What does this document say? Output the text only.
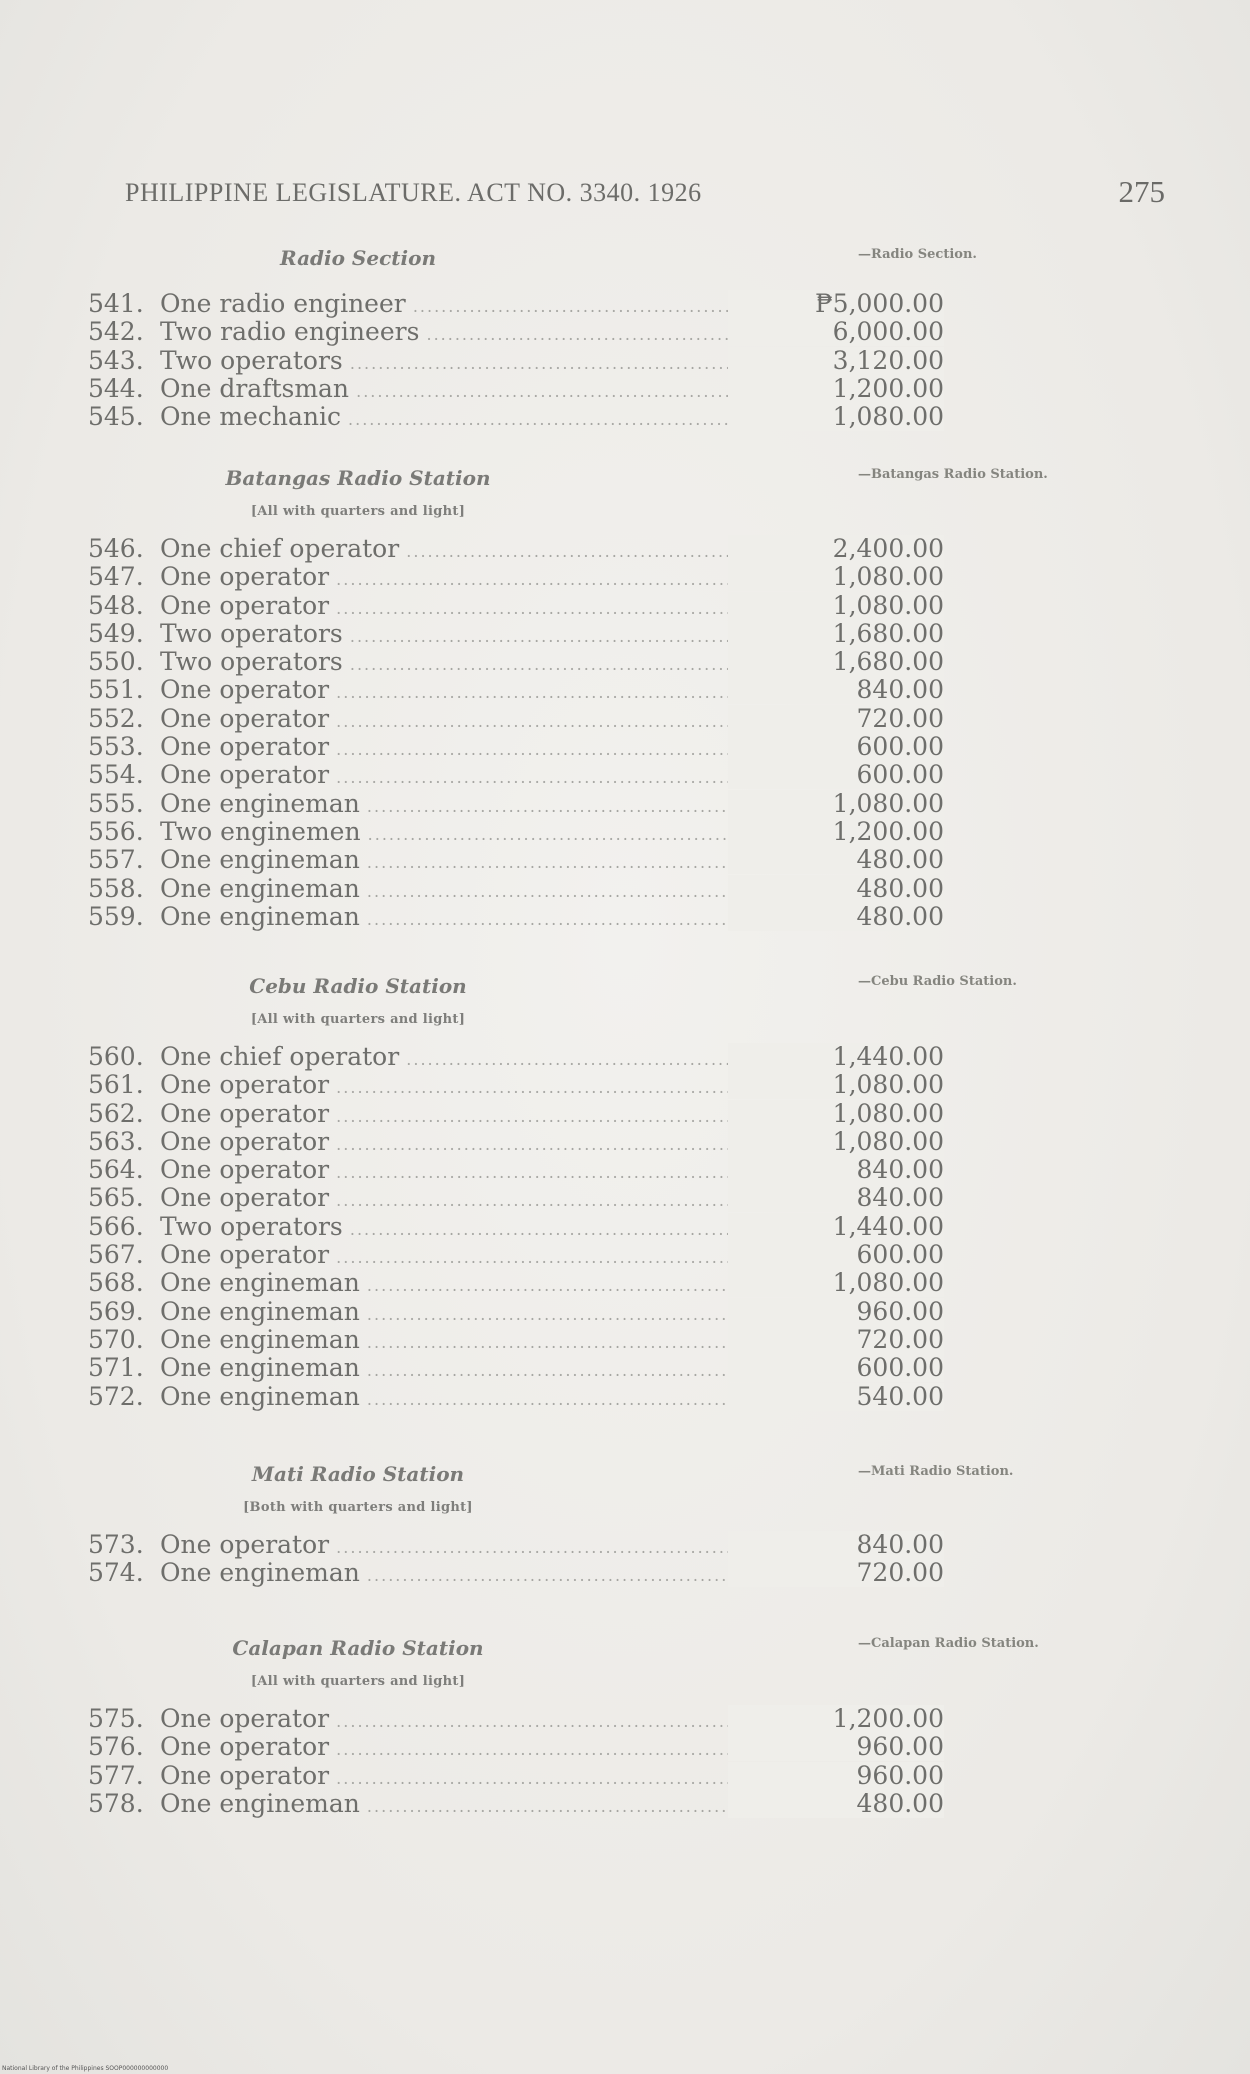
PHILIPPINE LEGISLATURE. ACT NO. 3340. 1926	275
Radio Section
541. One radio engineer .....	₱5,000.00
542. Two radio engineers .....	6,000.00
543. Two operators .....	3,120.00
544. One draftsman .....	1,200.00
545. One mechanic .....	1,080.00
—Radio Section.
Batangas Radio Station
[All with quarters and light]
546. One chief operator .....	2,400.00
547. One operator .....	1,080.00
548. One operator .....	1,080.00
549. Two operators .....	1,680.00
550. Two operators .....	1,680.00
551. One operator .....	840.00
552. One operator .....	720.00
553. One operator .....	600.00
554. One operator .....	600.00
555. One engineman .....	1,080.00
556. Two enginemen .....	1,200.00
557. One engineman .....	480.00
558. One engineman .....	480.00
559. One engineman .....	480.00
—Batangas Radio Station.
Cebu Radio Station
[All with quarters and light]
560. One chief operator .....	1,440.00
561. One operator .....	1,080.00
562. One operator .....	1,080.00
563. One operator .....	1,080.00
564. One operator .....	840.00
565. One operator .....	840.00
566. Two operators .....	1,440.00
567. One operator .....	600.00
568. One engineman .....	1,080.00
569. One engineman .....	960.00
570. One engineman .....	720.00
571. One engineman .....	600.00
572. One engineman .....	540.00
—Cebu Radio Station.
Mati Radio Station
[Both with quarters and light]
573. One operator .....	840.00
574. One engineman .....	720.00
—Mati Radio Station.
Calapan Radio Station
[All with quarters and light]
575. One operator .....	1,200.00
576. One operator .....	960.00
577. One operator .....	960.00
578. One engineman .....	480.00
—Calapan Radio Station.
National Library of the Philippines SOOP000000000000
